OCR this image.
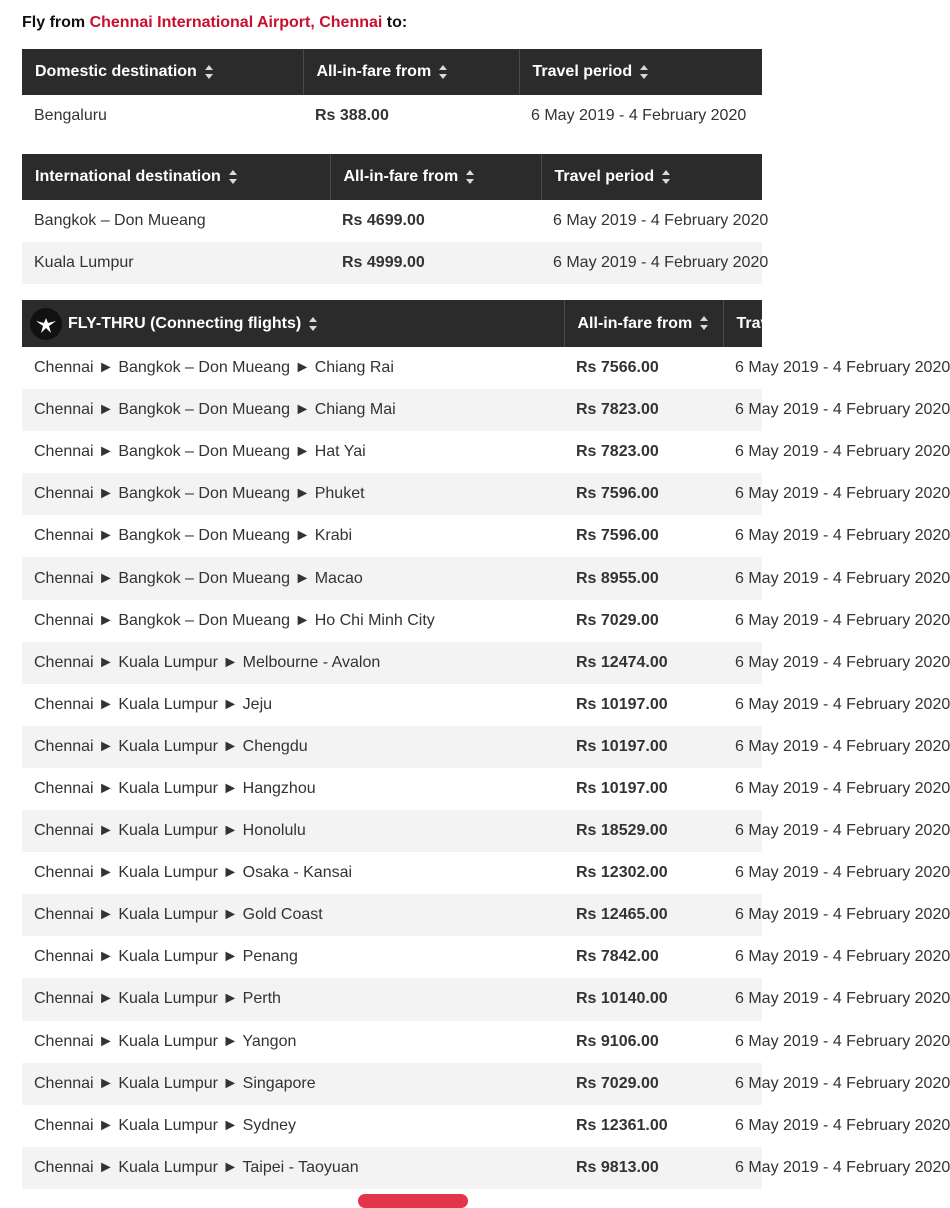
Fly from Chennai International Airport, Chennai to:
Domestic destination	All-in-fare from	Travel period
Bengaluru	Rs 388.00	6 May 2019 - 4 February 2020
International destination	All-in-fare from	Travel period
Bangkok – Don Mueang	Rs 4699.00	6 May 2019 - 4 February 2020
Kuala Lumpur	Rs 4999.00	6 May 2019 - 4 February 2020
FLY-THRU (Connecting flights)	All-in-fare from	Travel period
Chennai ► Bangkok – Don Mueang ► Chiang Rai	Rs 7566.00	6 May 2019 - 4 February 2020
Chennai ► Bangkok – Don Mueang ► Chiang Mai	Rs 7823.00	6 May 2019 - 4 February 2020
Chennai ► Bangkok – Don Mueang ► Hat Yai	Rs 7823.00	6 May 2019 - 4 February 2020
Chennai ► Bangkok – Don Mueang ► Phuket	Rs 7596.00	6 May 2019 - 4 February 2020
Chennai ► Bangkok – Don Mueang ► Krabi	Rs 7596.00	6 May 2019 - 4 February 2020
Chennai ► Bangkok – Don Mueang ► Macao	Rs 8955.00	6 May 2019 - 4 February 2020
Chennai ► Bangkok – Don Mueang ► Ho Chi Minh City	Rs 7029.00	6 May 2019 - 4 February 2020
Chennai ► Kuala Lumpur ► Melbourne - Avalon	Rs 12474.00	6 May 2019 - 4 February 2020
Chennai ► Kuala Lumpur ► Jeju	Rs 10197.00	6 May 2019 - 4 February 2020
Chennai ► Kuala Lumpur ► Chengdu	Rs 10197.00	6 May 2019 - 4 February 2020
Chennai ► Kuala Lumpur ► Hangzhou	Rs 10197.00	6 May 2019 - 4 February 2020
Chennai ► Kuala Lumpur ► Honolulu	Rs 18529.00	6 May 2019 - 4 February 2020
Chennai ► Kuala Lumpur ► Osaka - Kansai	Rs 12302.00	6 May 2019 - 4 February 2020
Chennai ► Kuala Lumpur ► Gold Coast	Rs 12465.00	6 May 2019 - 4 February 2020
Chennai ► Kuala Lumpur ► Penang	Rs 7842.00	6 May 2019 - 4 February 2020
Chennai ► Kuala Lumpur ► Perth	Rs 10140.00	6 May 2019 - 4 February 2020
Chennai ► Kuala Lumpur ► Yangon	Rs 9106.00	6 May 2019 - 4 February 2020
Chennai ► Kuala Lumpur ► Singapore	Rs 7029.00	6 May 2019 - 4 February 2020
Chennai ► Kuala Lumpur ► Sydney	Rs 12361.00	6 May 2019 - 4 February 2020
Chennai ► Kuala Lumpur ► Taipei - Taoyuan	Rs 9813.00	6 May 2019 - 4 February 2020
